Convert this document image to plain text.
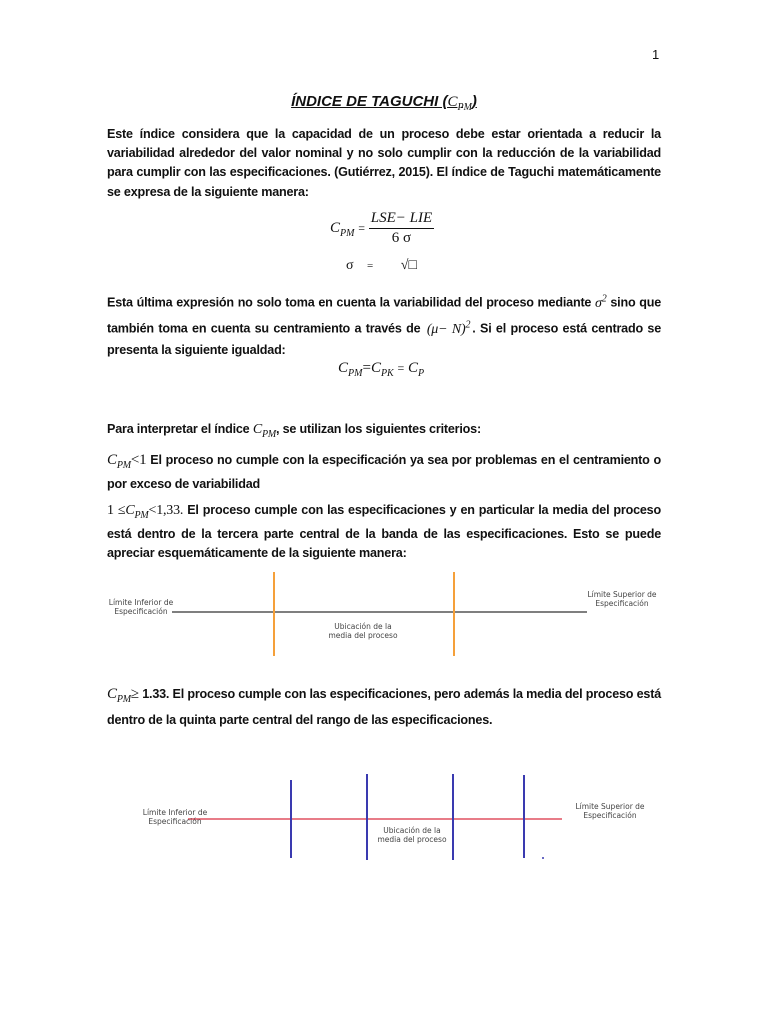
1
ÍNDICE DE TAGUCHI $(C_{PM})$
Este índice considera que la capacidad de un proceso debe estar orientada a reducir la variabilidad alrededor del valor nominal y no solo cumplir con la reducción de la variabilidad para cumplir con las especificaciones. (Gutiérrez, 2015). El índice de Taguchi matemáticamente se expresa de la siguiente manera:
$C_{PM} = \frac{\text{LSE− LIE}}{6 \sigma}$
σ = √□
Esta última expresión no solo toma en cuenta la variabilidad del proceso mediante $\sigma^2$ sino que también toma en cuenta su centramiento a través de $(\mu- N)^2$ . Si el proceso está centrado se presenta la siguiente igualdad:
$C_{PM}=C_{PK} = C_P$
Para interpretar el índice $C_{PM}$, se utilizan los siguientes criterios:
$C_{PM}<1$ El proceso no cumple con la especificación ya sea por problemas en el centramiento o por exceso de variabilidad
$1 \le C_{PM}<1,33$. El proceso cumple con las especificaciones y en particular la media del proceso está dentro de la tercera parte central de la banda de las especificaciones. Esto se puede apreciar esquemáticamente de la siguiente manera:
Límite Inferior de Especificación
Ubicación de la media del proceso
Límite Superior de Especificación
$C_{PM}\ge 1.33$. El proceso cumple con las especificaciones, pero además la media del proceso está dentro de la quinta parte central del rango de las especificaciones.
Límite Inferior de Especificación
Ubicación de la media del proceso
Límite Superior de Especificación
